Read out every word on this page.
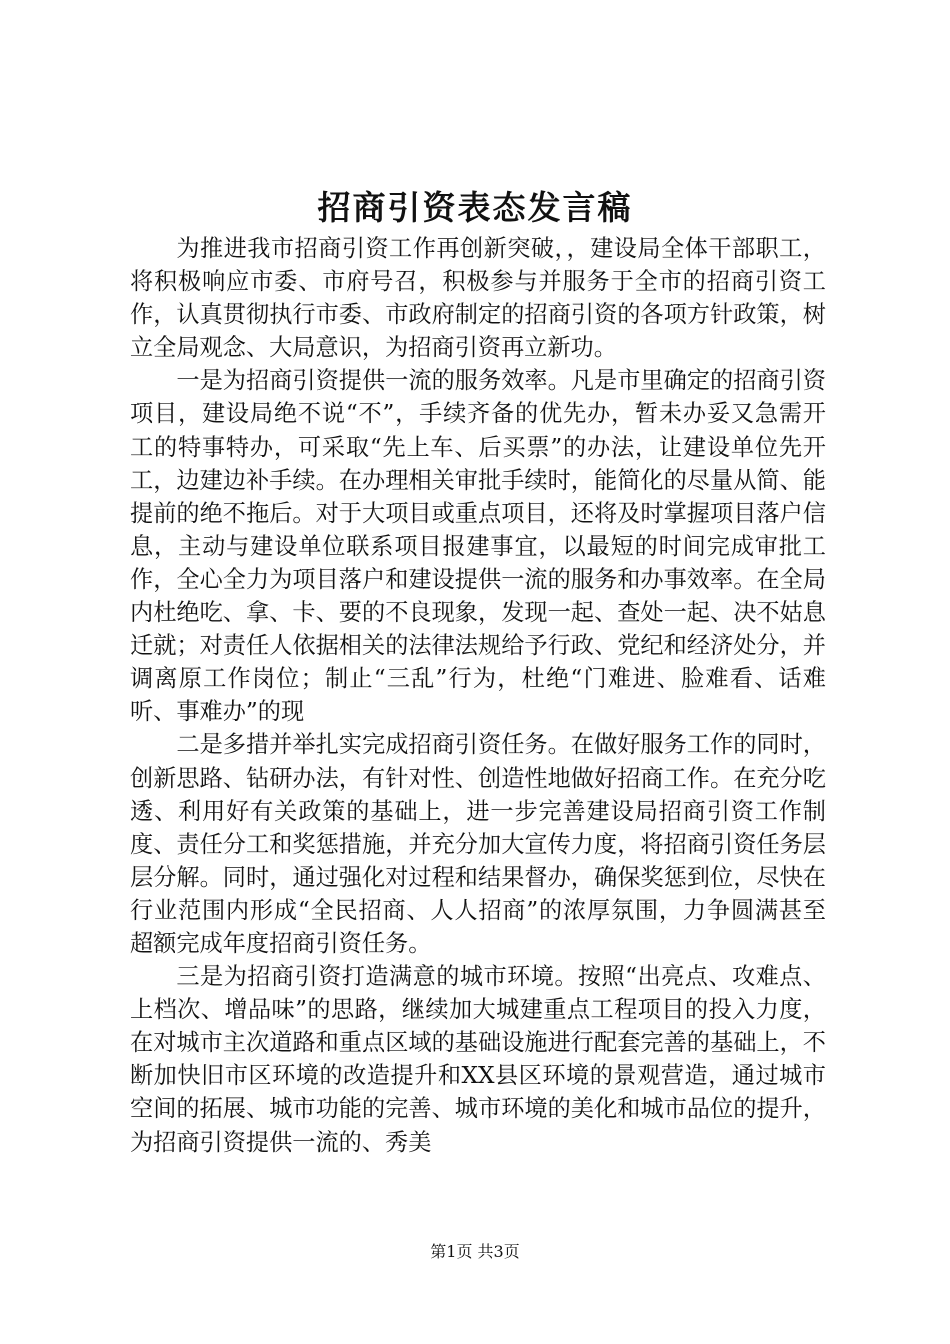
招商引资表态发言稿

为推进我市招商引资工作再创新突破，，建设局全体干部职工，将积极响应市委、市府号召，积极参与并服务于全市的招商引资工作，认真贯彻执行市委、市政府制定的招商引资的各项方针政策，树立全局观念、大局意识，为招商引资再立新功。

一是为招商引资提供一流的服务效率。凡是市里确定的招商引资项目，建设局绝不说“不”，手续齐备的优先办，暂未办妥又急需开工的特事特办，可采取“先上车、后买票”的办法，让建设单位先开工，边建边补手续。在办理相关审批手续时，能简化的尽量从简、能提前的绝不拖后。对于大项目或重点项目，还将及时掌握项目落户信息，主动与建设单位联系项目报建事宜，以最短的时间完成审批工作，全心全力为项目落户和建设提供一流的服务和办事效率。在全局内杜绝吃、拿、卡、要的不良现象，发现一起、查处一起、决不姑息迁就；对责任人依据相关的法律法规给予行政、党纪和经济处分，并调离原工作岗位；制止“三乱”行为，杜绝“门难进、脸难看、话难听、事难办”的现

二是多措并举扎实完成招商引资任务。在做好服务工作的同时，创新思路、钻研办法，有针对性、创造性地做好招商工作。在充分吃透、利用好有关政策的基础上，进一步完善建设局招商引资工作制度、责任分工和奖惩措施，并充分加大宣传力度，将招商引资任务层层分解。同时，通过强化对过程和结果督办，确保奖惩到位，尽快在行业范围内形成“全民招商、人人招商”的浓厚氛围，力争圆满甚至超额完成年度招商引资任务。

三是为招商引资打造满意的城市环境。按照“出亮点、攻难点、上档次、增品味”的思路，继续加大城建重点工程项目的投入力度，在对城市主次道路和重点区域的基础设施进行配套完善的基础上，不断加快旧市区环境的改造提升和XX县区环境的景观营造，通过城市空间的拓展、城市功能的完善、城市环境的美化和城市品位的提升，为招商引资提供一流的、秀美

第1页 共3页
